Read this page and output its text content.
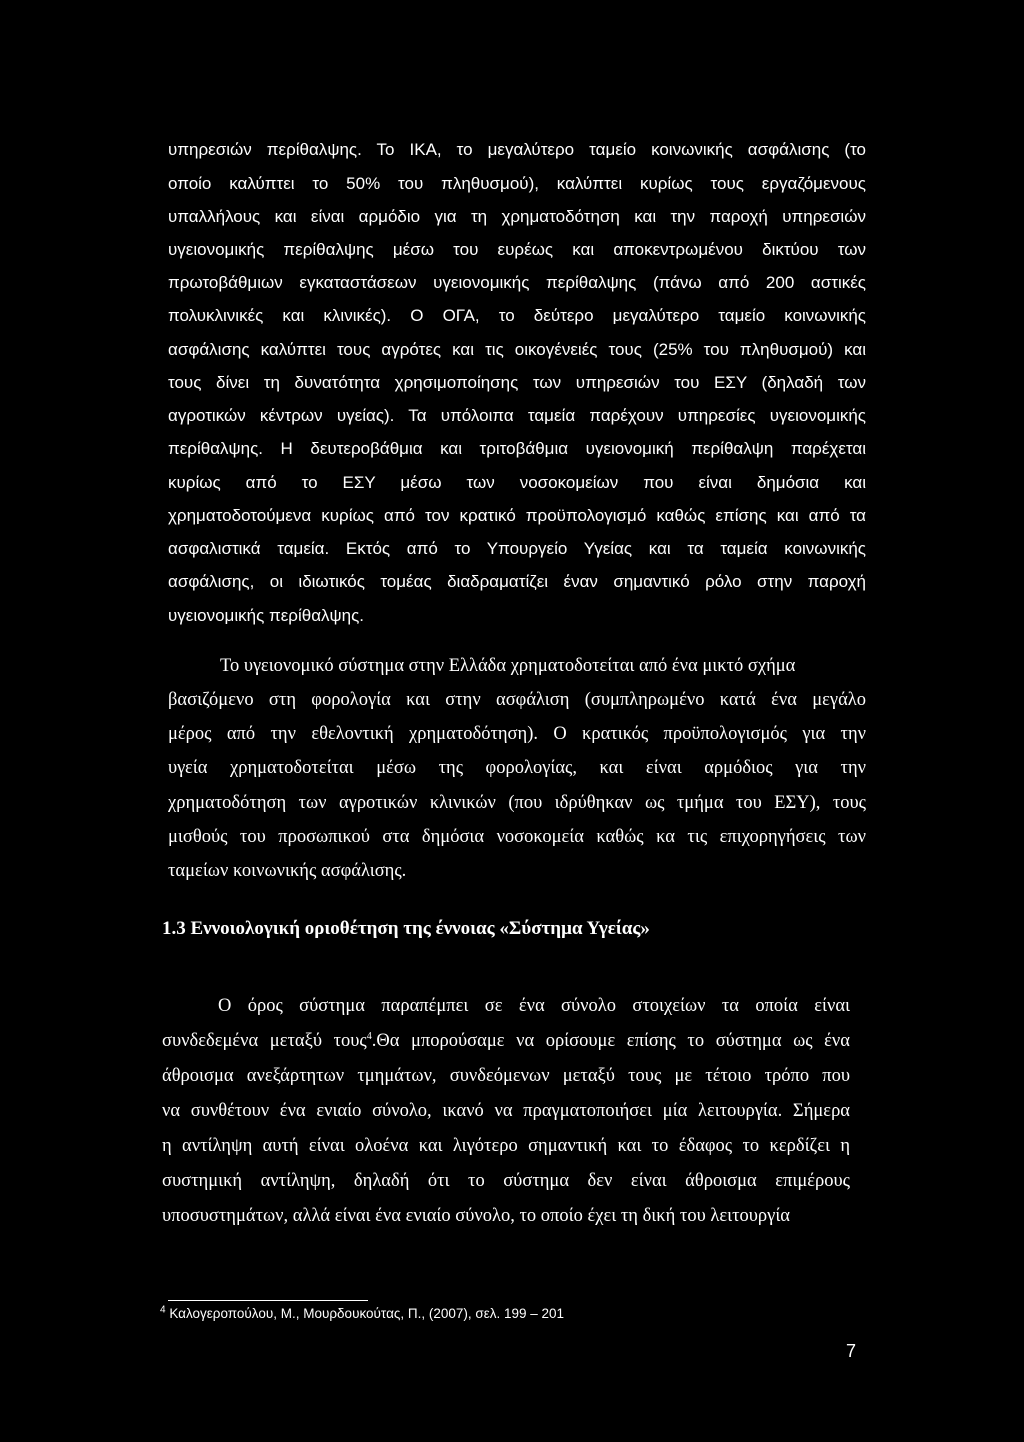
υπηρεσιών περίθαλψης. Το ΙΚΑ, το μεγαλύτερο ταμείο κοινωνικής ασφάλισης (το
οποίο καλύπτει το 50% του πληθυσμού), καλύπτει κυρίως τους εργαζόμενους
υπαλλήλους και είναι αρμόδιο για τη χρηματοδότηση και την παροχή υπηρεσιών
υγειονομικής περίθαλψης μέσω του ευρέως και αποκεντρωμένου δικτύου των
πρωτοβάθμιων εγκαταστάσεων υγειονομικής περίθαλψης (πάνω από 200 αστικές
πολυκλινικές και κλινικές). Ο ΟΓΑ, το δεύτερο μεγαλύτερο ταμείο κοινωνικής
ασφάλισης καλύπτει τους αγρότες και τις οικογένειές τους (25% του πληθυσμού) και
τους δίνει τη δυνατότητα χρησιμοποίησης των υπηρεσιών του ΕΣΥ (δηλαδή των
αγροτικών κέντρων υγείας). Τα υπόλοιπα ταμεία παρέχουν υπηρεσίες υγειονομικής
περίθαλψης. Η δευτεροβάθμια και τριτοβάθμια υγειονομική περίθαλψη παρέχεται
κυρίως από το ΕΣΥ μέσω των νοσοκομείων που είναι δημόσια και
χρηματοδοτούμενα κυρίως από τον κρατικό προϋπολογισμό καθώς επίσης και από τα
ασφαλιστικά ταμεία. Εκτός από το Υπουργείο Υγείας και τα ταμεία κοινωνικής
ασφάλισης, οι ιδιωτικός τομέας διαδραματίζει έναν σημαντικό ρόλο στην παροχή
υγειονομικής περίθαλψης.
Το υγειονομικό σύστημα στην Ελλάδα χρηματοδοτείται από ένα μικτό σχήμα
βασιζόμενο στη φορολογία και στην ασφάλιση (συμπληρωμένο κατά ένα μεγάλο
μέρος από την εθελοντική χρηματοδότηση). Ο κρατικός προϋπολογισμός για την
υγεία χρηματοδοτείται μέσω της φορολογίας, και είναι αρμόδιος για την
χρηματοδότηση των αγροτικών κλινικών (που ιδρύθηκαν ως τμήμα του ΕΣΥ), τους
μισθούς του προσωπικού στα δημόσια νοσοκομεία καθώς κα τις επιχορηγήσεις των
ταμείων κοινωνικής ασφάλισης.
1.3 Εννοιολογική οριοθέτηση της έννοιας «Σύστημα Υγείας»
Ο όρος σύστημα παραπέμπει σε ένα σύνολο στοιχείων τα οποία είναι
συνδεδεμένα μεταξύ τους$^4$.Θα μπορούσαμε να ορίσουμε επίσης το σύστημα ως ένα
άθροισμα ανεξάρτητων τμημάτων, συνδεόμενων μεταξύ τους με τέτοιο τρόπο που
να συνθέτουν ένα ενιαίο σύνολο, ικανό να πραγματοποιήσει μία λειτουργία. Σήμερα
η αντίληψη αυτή είναι ολοένα και λιγότερο σημαντική και το έδαφος το κερδίζει η
συστημική αντίληψη, δηλαδή ότι το σύστημα δεν είναι άθροισμα επιμέρους
υποσυστημάτων, αλλά είναι ένα ενιαίο σύνολο, το οποίο έχει τη δική του λειτουργία
$^4$ Καλογεροπούλου, Μ., Μουρδουκούτας, Π., (2007), σελ. 199 – 201
7
